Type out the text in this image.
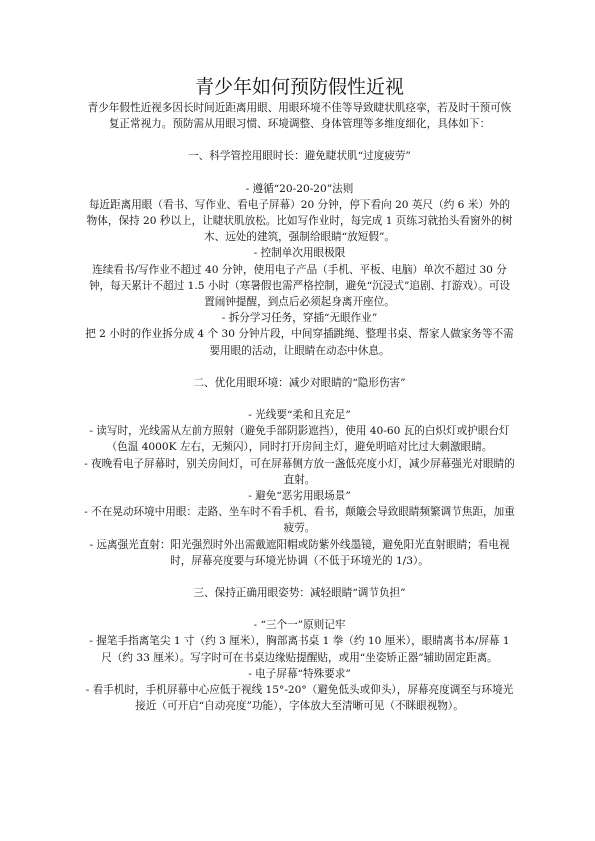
青少年如何预防假性近视

青少年假性近视多因长时间近距离用眼、用眼环境不佳等导致睫状肌痉挛，若及时干预可恢复正常视力。预防需从用眼习惯、环境调整、身体管理等多维度细化，具体如下：

一、科学管控用眼时长：避免睫状肌“过度疲劳”

- 遵循“20-20-20”法则

每近距离用眼（看书、写作业、看电子屏幕）20 分钟，停下看向 20 英尺（约 6 米）外的物体，保持 20 秒以上，让睫状肌放松。比如写作业时，每完成 1 页练习就抬头看窗外的树木、远处的建筑，强制给眼睛“放短假”。

- 控制单次用眼极限

连续看书/写作业不超过 40 分钟，使用电子产品（手机、平板、电脑）单次不超过 30 分钟，每天累计不超过 1.5 小时（寒暑假也需严格控制，避免“沉浸式”追剧、打游戏）。可设置闹钟提醒，到点后必须起身离开座位。

- 拆分学习任务，穿插“无眼作业”

把 2 小时的作业拆分成 4 个 30 分钟片段，中间穿插跳绳、整理书桌、帮家人做家务等不需要用眼的活动，让眼睛在动态中休息。

二、优化用眼环境：减少对眼睛的“隐形伤害”

- 光线要“柔和且充足”

- 读写时，光线需从左前方照射（避免手部阴影遮挡），使用 40-60 瓦的白炽灯或护眼台灯（色温 4000K 左右，无频闪），同时打开房间主灯，避免明暗对比过大刺激眼睛。

- 夜晚看电子屏幕时，别关房间灯，可在屏幕侧方放一盏低亮度小灯，减少屏幕强光对眼睛的直射。

- 避免“恶劣用眼场景”

- 不在晃动环境中用眼：走路、坐车时不看手机、看书，颠簸会导致眼睛频繁调节焦距，加重疲劳。

- 远离强光直射：阳光强烈时外出需戴遮阳帽或防紫外线墨镜，避免阳光直射眼睛；看电视时，屏幕亮度要与环境光协调（不低于环境光的 1/3）。

三、保持正确用眼姿势：减轻眼睛“调节负担”

- “三个一”原则记牢

- 握笔手指离笔尖 1 寸（约 3 厘米），胸部离书桌 1 拳（约 10 厘米），眼睛离书本/屏幕 1 尺（约 33 厘米）。写字时可在书桌边缘贴提醒贴，或用“坐姿矫正器”辅助固定距离。

- 电子屏幕“特殊要求”

- 看手机时，手机屏幕中心应低于视线 15°-20°（避免低头或仰头），屏幕亮度调至与环境光接近（可开启“自动亮度”功能），字体放大至清晰可见（不眯眼视物）。
